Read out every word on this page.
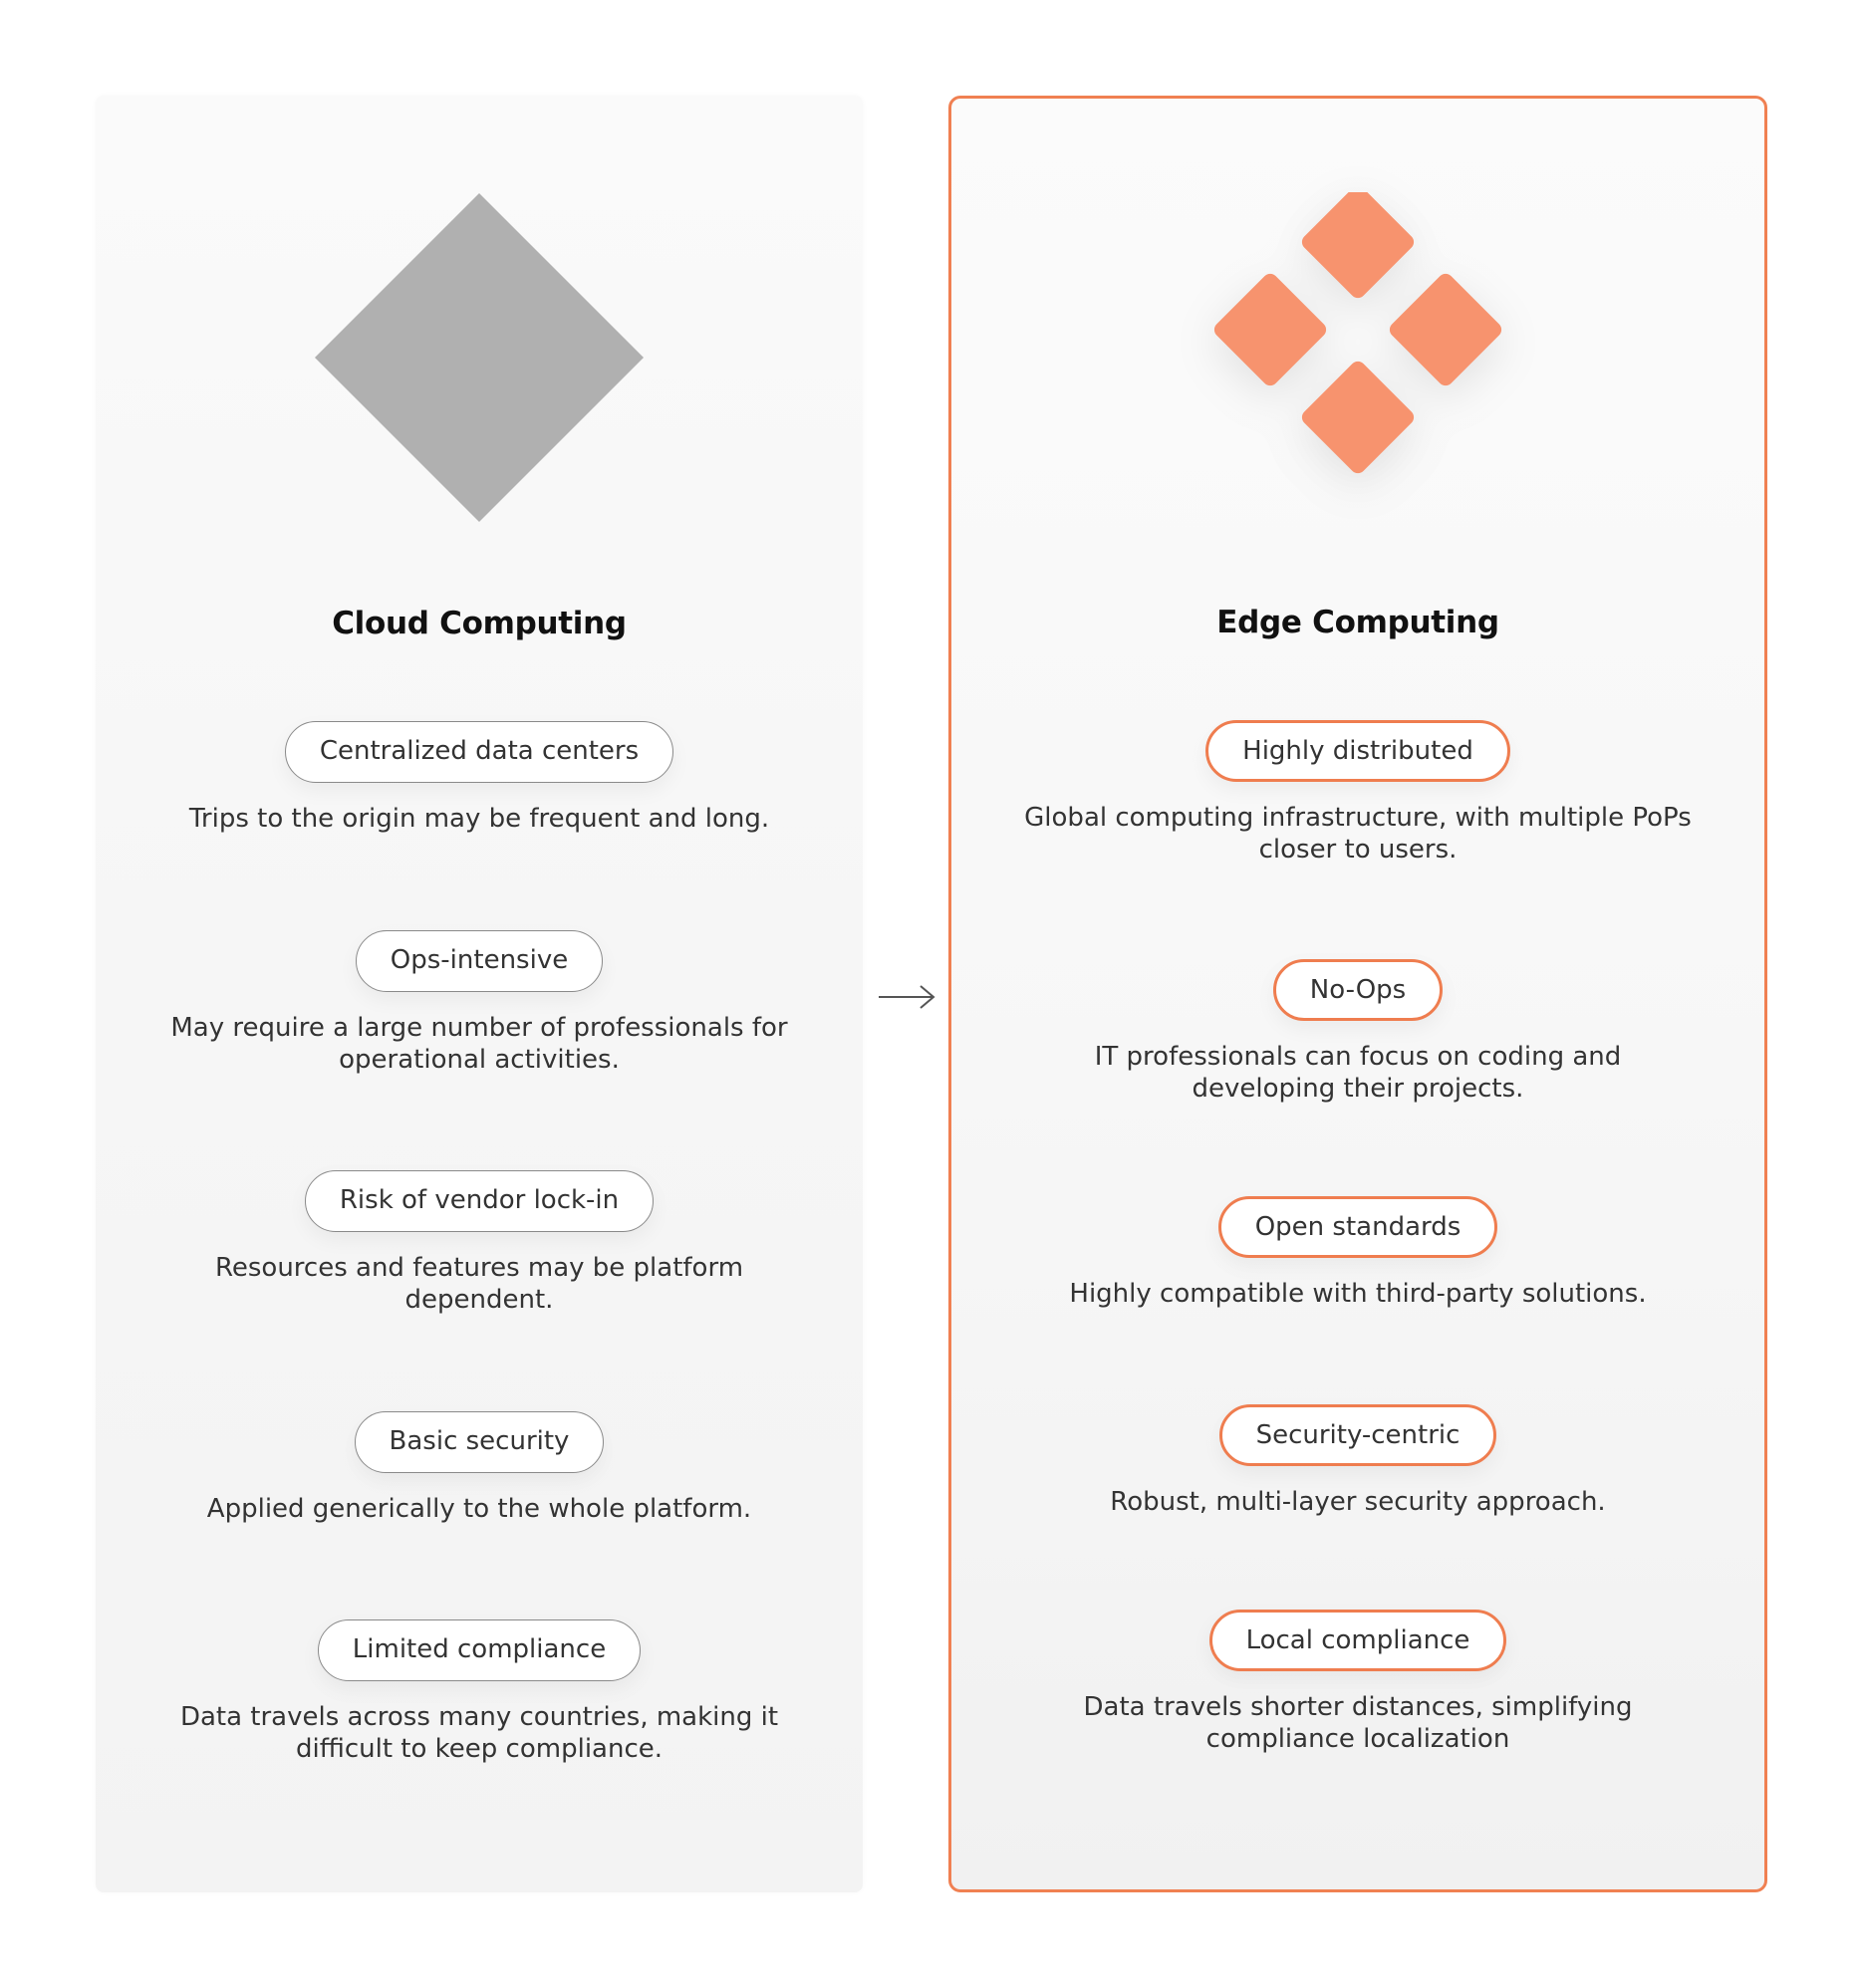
Cloud Computing
Centralized data centers
Trips to the origin may be frequent and long.
Ops-intensive
May require a large number of professionals for operational activities.
Risk of vendor lock-in
Resources and features may be platform dependent.
Basic security
Applied generically to the whole platform.
Limited compliance
Data travels across many countries, making it difficult to keep compliance.
Edge Computing
Highly distributed
Global computing infrastructure, with multiple PoPs closer to users.
No-Ops
IT professionals can focus on coding and developing their projects.
Open standards
Highly compatible with third-party solutions.
Security-centric
Robust, multi-layer security approach.
Local compliance
Data travels shorter distances, simplifying compliance localization
